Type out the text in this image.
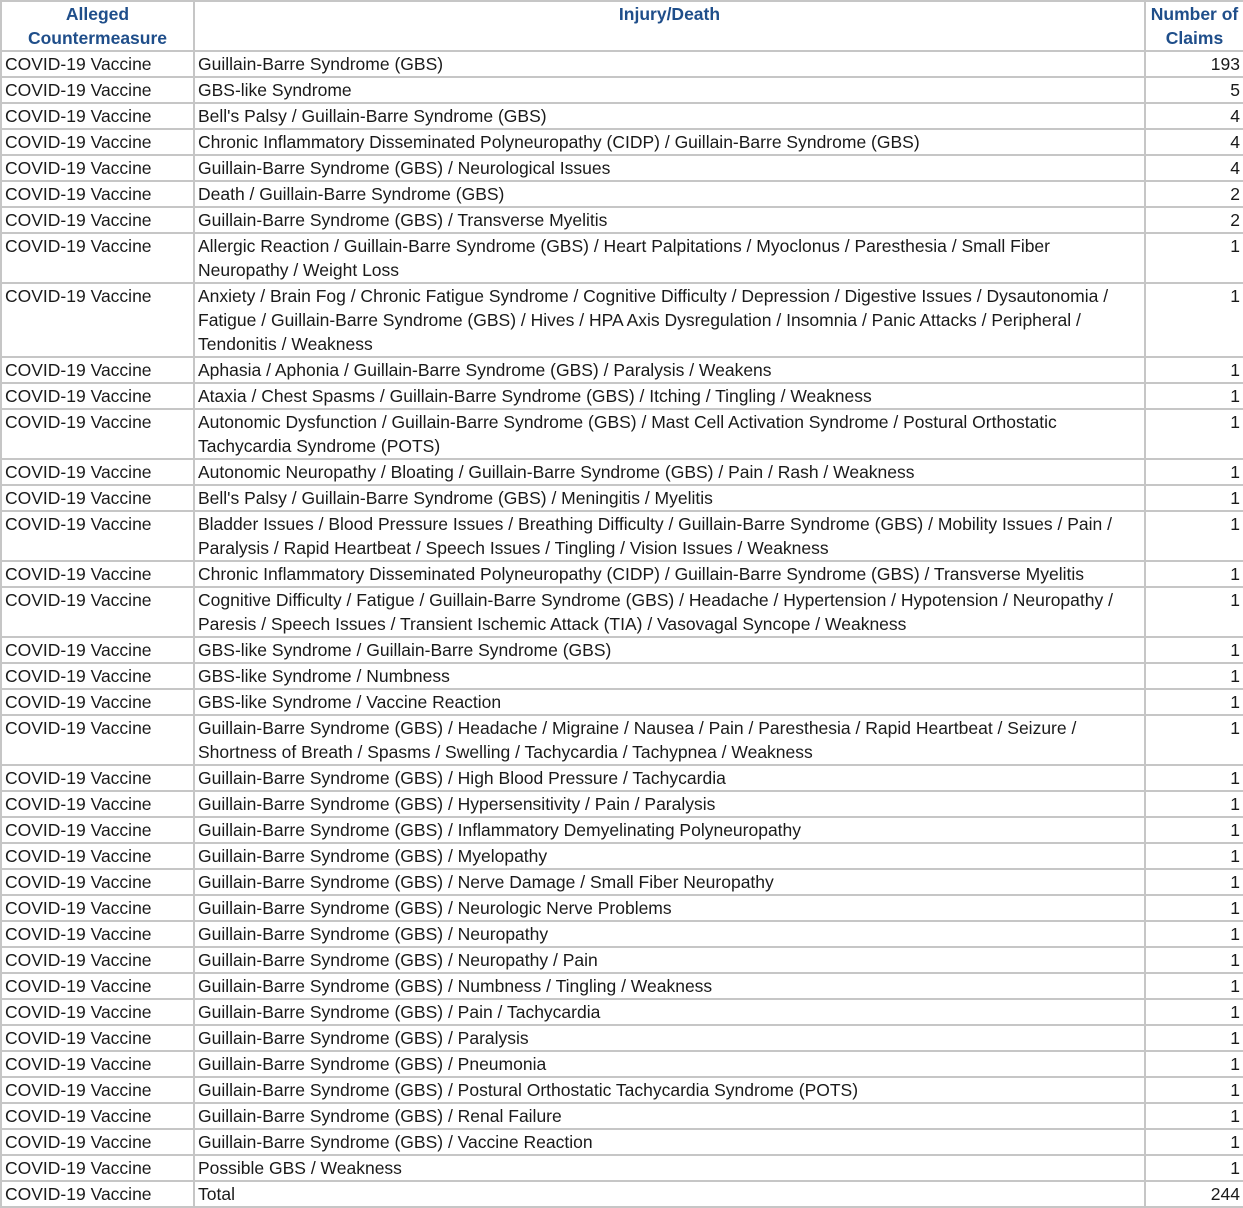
Alleged Countermeasure	Injury/Death	Number of Claims
COVID-19 Vaccine	Guillain-Barre Syndrome (GBS)	193
COVID-19 Vaccine	GBS-like Syndrome	5
COVID-19 Vaccine	Bell's Palsy / Guillain-Barre Syndrome (GBS)	4
COVID-19 Vaccine	Chronic Inflammatory Disseminated Polyneuropathy (CIDP) / Guillain-Barre Syndrome (GBS)	4
COVID-19 Vaccine	Guillain-Barre Syndrome (GBS) / Neurological Issues	4
COVID-19 Vaccine	Death / Guillain-Barre Syndrome (GBS)	2
COVID-19 Vaccine	Guillain-Barre Syndrome (GBS) / Transverse Myelitis	2
COVID-19 Vaccine	Allergic Reaction / Guillain-Barre Syndrome (GBS) / Heart Palpitations / Myoclonus / Paresthesia / Small Fiber Neuropathy / Weight Loss	1
COVID-19 Vaccine	Anxiety / Brain Fog / Chronic Fatigue Syndrome / Cognitive Difficulty / Depression / Digestive Issues / Dysautonomia / Fatigue / Guillain-Barre Syndrome (GBS) / Hives / HPA Axis Dysregulation / Insomnia / Panic Attacks / Peripheral / Tendonitis / Weakness	1
COVID-19 Vaccine	Aphasia / Aphonia / Guillain-Barre Syndrome (GBS) / Paralysis / Weakens	1
COVID-19 Vaccine	Ataxia / Chest Spasms / Guillain-Barre Syndrome (GBS) / Itching / Tingling / Weakness	1
COVID-19 Vaccine	Autonomic Dysfunction / Guillain-Barre Syndrome (GBS) / Mast Cell Activation Syndrome / Postural Orthostatic Tachycardia Syndrome (POTS)	1
COVID-19 Vaccine	Autonomic Neuropathy / Bloating / Guillain-Barre Syndrome (GBS) / Pain / Rash / Weakness	1
COVID-19 Vaccine	Bell's Palsy / Guillain-Barre Syndrome (GBS) / Meningitis / Myelitis	1
COVID-19 Vaccine	Bladder Issues / Blood Pressure Issues / Breathing Difficulty / Guillain-Barre Syndrome (GBS) / Mobility Issues / Pain / Paralysis / Rapid Heartbeat / Speech Issues / Tingling / Vision Issues / Weakness	1
COVID-19 Vaccine	Chronic Inflammatory Disseminated Polyneuropathy (CIDP) / Guillain-Barre Syndrome (GBS) / Transverse Myelitis	1
COVID-19 Vaccine	Cognitive Difficulty / Fatigue / Guillain-Barre Syndrome (GBS) / Headache / Hypertension / Hypotension / Neuropathy / Paresis / Speech Issues / Transient Ischemic Attack (TIA) / Vasovagal Syncope / Weakness	1
COVID-19 Vaccine	GBS-like Syndrome / Guillain-Barre Syndrome (GBS)	1
COVID-19 Vaccine	GBS-like Syndrome / Numbness	1
COVID-19 Vaccine	GBS-like Syndrome / Vaccine Reaction	1
COVID-19 Vaccine	Guillain-Barre Syndrome (GBS) / Headache / Migraine / Nausea / Pain / Paresthesia / Rapid Heartbeat / Seizure / Shortness of Breath / Spasms / Swelling / Tachycardia / Tachypnea / Weakness	1
COVID-19 Vaccine	Guillain-Barre Syndrome (GBS) / High Blood Pressure / Tachycardia	1
COVID-19 Vaccine	Guillain-Barre Syndrome (GBS) / Hypersensitivity / Pain / Paralysis	1
COVID-19 Vaccine	Guillain-Barre Syndrome (GBS) / Inflammatory Demyelinating Polyneuropathy	1
COVID-19 Vaccine	Guillain-Barre Syndrome (GBS) / Myelopathy	1
COVID-19 Vaccine	Guillain-Barre Syndrome (GBS) / Nerve Damage / Small Fiber Neuropathy	1
COVID-19 Vaccine	Guillain-Barre Syndrome (GBS) / Neurologic Nerve Problems	1
COVID-19 Vaccine	Guillain-Barre Syndrome (GBS) / Neuropathy	1
COVID-19 Vaccine	Guillain-Barre Syndrome (GBS) / Neuropathy / Pain	1
COVID-19 Vaccine	Guillain-Barre Syndrome (GBS) / Numbness / Tingling / Weakness	1
COVID-19 Vaccine	Guillain-Barre Syndrome (GBS) / Pain / Tachycardia	1
COVID-19 Vaccine	Guillain-Barre Syndrome (GBS) / Paralysis	1
COVID-19 Vaccine	Guillain-Barre Syndrome (GBS) / Pneumonia	1
COVID-19 Vaccine	Guillain-Barre Syndrome (GBS) / Postural Orthostatic Tachycardia Syndrome (POTS)	1
COVID-19 Vaccine	Guillain-Barre Syndrome (GBS) / Renal Failure	1
COVID-19 Vaccine	Guillain-Barre Syndrome (GBS) / Vaccine Reaction	1
COVID-19 Vaccine	Possible GBS / Weakness	1
COVID-19 Vaccine	Total	244
